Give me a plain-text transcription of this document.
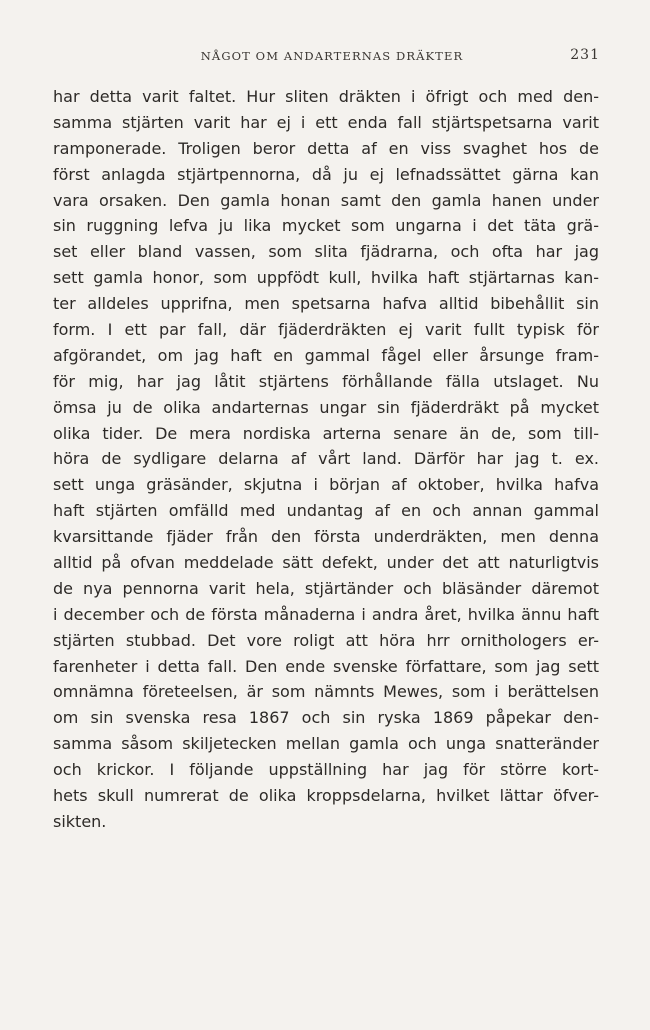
NÅGOT OM ANDARTERNAS DRÄKTER	231
har detta varit faltet. Hur sliten dräkten i öfrigt och med den-
samma stjärten varit har ej i ett enda fall stjärtspetsarna varit
ramponerade. Troligen beror detta af en viss svaghet hos de
först anlagda stjärtpennorna, då ju ej lefnadssättet gärna kan
vara orsaken. Den gamla honan samt den gamla hanen under
sin ruggning lefva ju lika mycket som ungarna i det täta grä-
set eller bland vassen, som slita fjädrarna, och ofta har jag
sett gamla honor, som uppfödt kull, hvilka haft stjärtarnas kan-
ter alldeles upprifna, men spetsarna hafva alltid bibehållit sin
form. I ett par fall, där fjäderdräkten ej varit fullt typisk för
afgörandet, om jag haft en gammal fågel eller årsunge fram-
för mig, har jag låtit stjärtens förhållande fälla utslaget. Nu
ömsa ju de olika andarternas ungar sin fjäderdräkt på mycket
olika tider. De mera nordiska arterna senare än de, som till-
höra de sydligare delarna af vårt land. Därför har jag t. ex.
sett unga gräsänder, skjutna i början af oktober, hvilka hafva
haft stjärten omfälld med undantag af en och annan gammal
kvarsittande fjäder från den första underdräkten, men denna
alltid på ofvan meddelade sätt defekt, under det att naturligtvis
de nya pennorna varit hela, stjärtänder och bläsänder däremot
i december och de första månaderna i andra året, hvilka ännu haft
stjärten stubbad. Det vore roligt att höra hrr ornithologers er-
farenheter i detta fall. Den ende svenske författare, som jag sett
omnämna företeelsen, är som nämnts Mewes, som i berättelsen
om sin svenska resa 1867 och sin ryska 1869 påpekar den-
samma såsom skiljetecken mellan gamla och unga snatteränder
och krickor. I följande uppställning har jag för större kort-
hets skull numrerat de olika kroppsdelarna, hvilket lättar öfver-
sikten.
